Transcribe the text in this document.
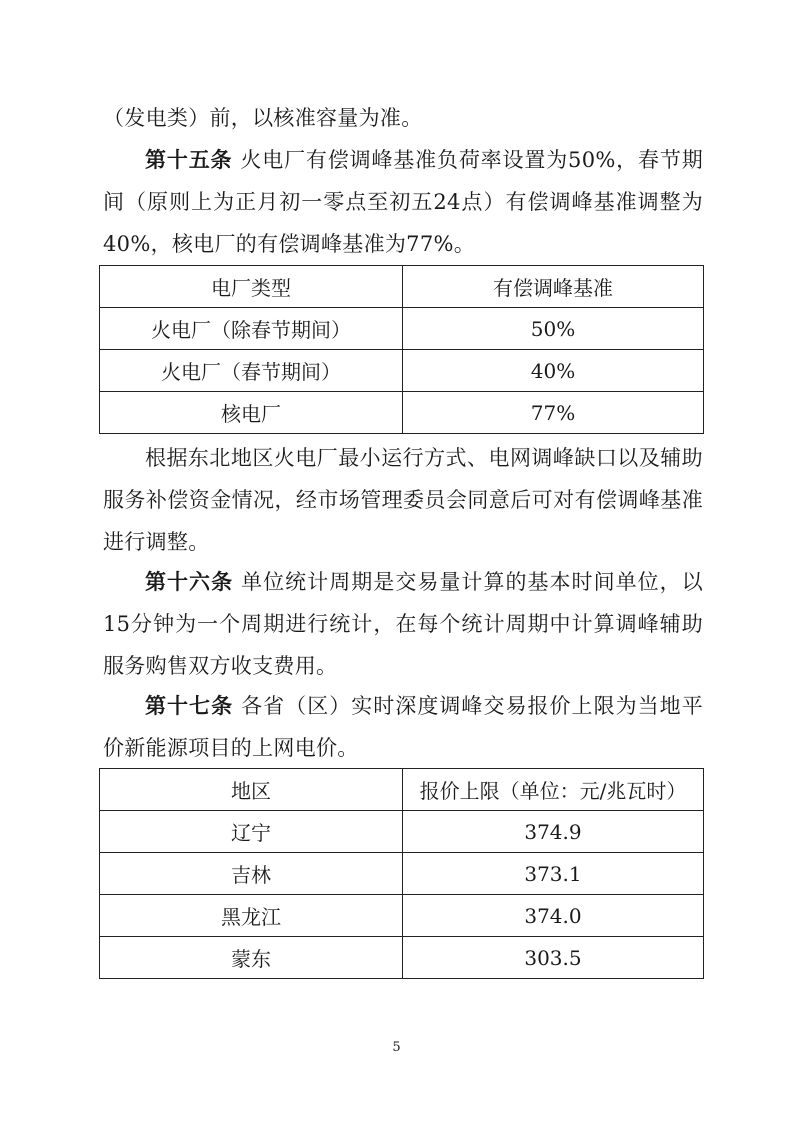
（发电类）前，以核准容量为准。

第十五条 火电厂有偿调峰基准负荷率设置为50%，春节期间（原则上为正月初一零点至初五24点）有偿调峰基准调整为40%，核电厂的有偿调峰基准为77%。

电厂类型	有偿调峰基准
火电厂（除春节期间）	50%
火电厂（春节期间）	40%
核电厂	77%

根据东北地区火电厂最小运行方式、电网调峰缺口以及辅助服务补偿资金情况，经市场管理委员会同意后可对有偿调峰基准进行调整。

第十六条 单位统计周期是交易量计算的基本时间单位，以15分钟为一个周期进行统计，在每个统计周期中计算调峰辅助服务购售双方收支费用。

第十七条 各省（区）实时深度调峰交易报价上限为当地平价新能源项目的上网电价。

地区	报价上限（单位：元/兆瓦时）
辽宁	374.9
吉林	373.1
黑龙江	374.0
蒙东	303.5
5
